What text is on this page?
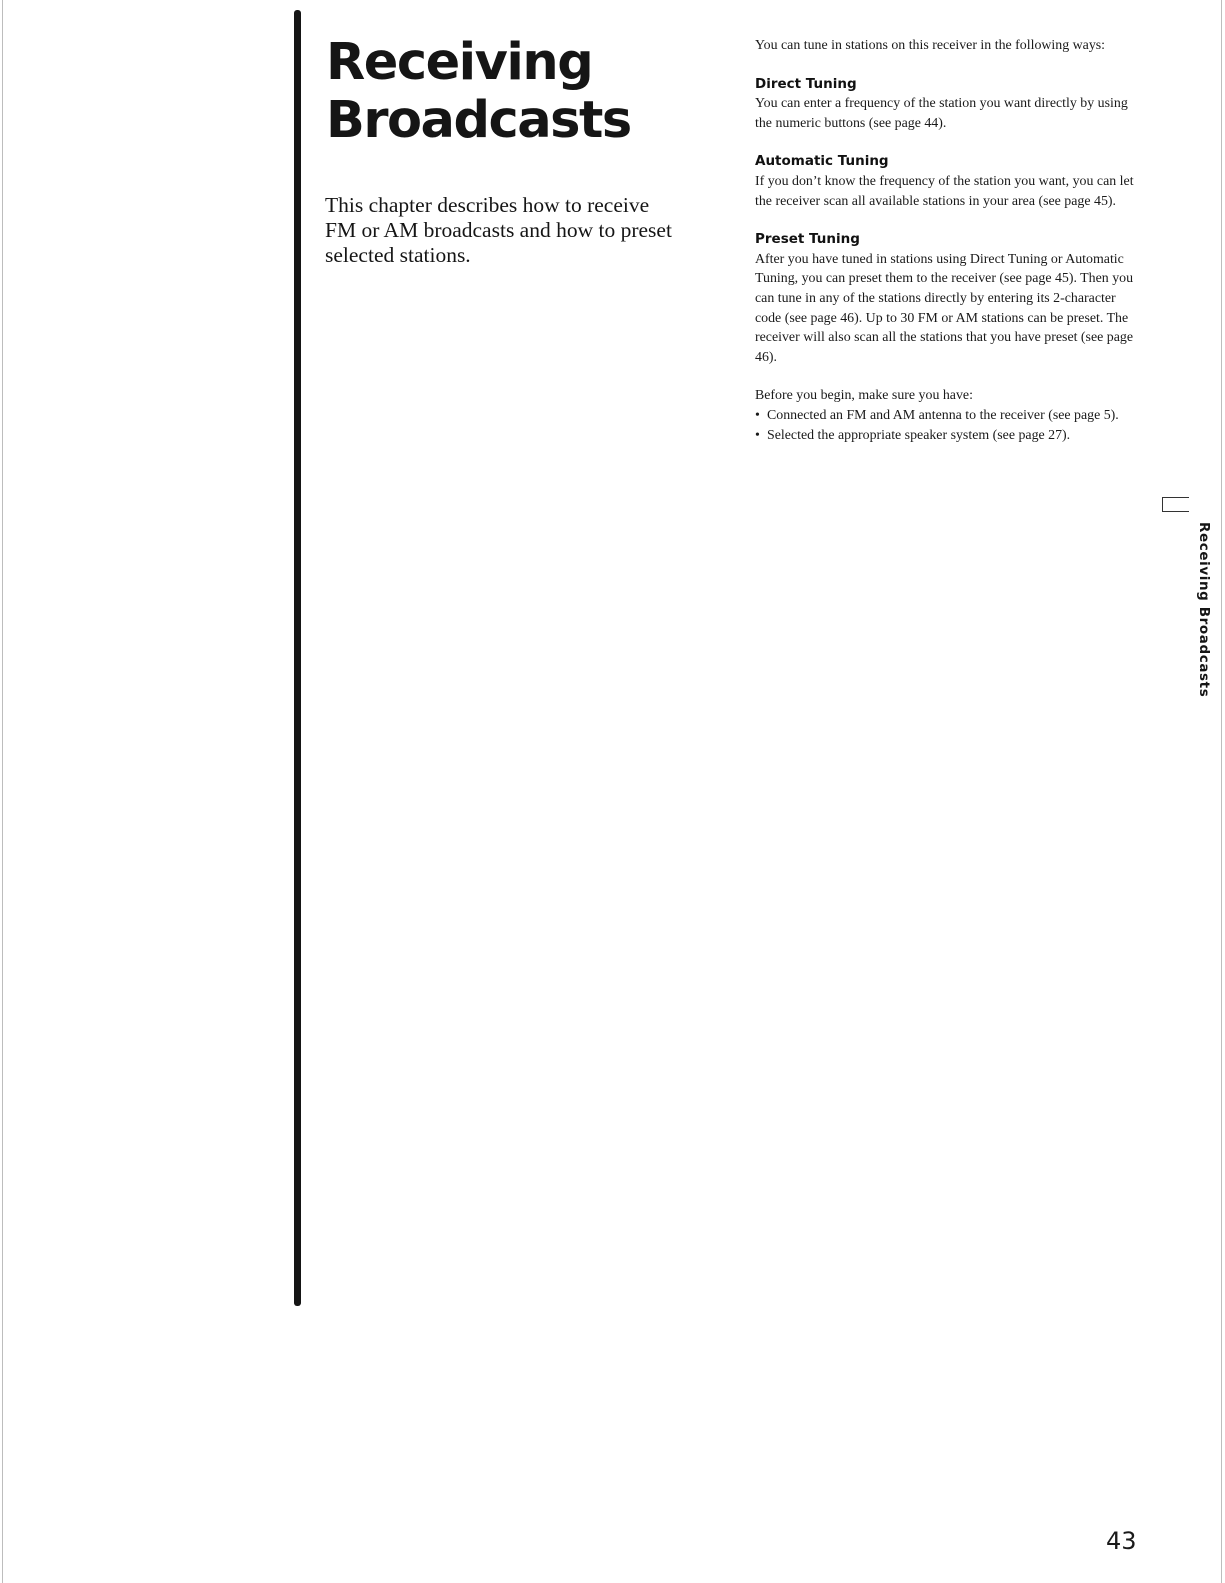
Receiving
Broadcasts

This chapter describes how to receive FM or AM broadcasts and how to preset selected stations.

You can tune in stations on this receiver in the following ways:

Direct Tuning

You can enter a frequency of the station you want directly by using the numeric buttons (see page 44).

Automatic Tuning

If you don’t know the frequency of the station you want, you can let the receiver scan all available stations in your area (see page 45).

Preset Tuning

After you have tuned in stations using Direct Tuning or Automatic Tuning, you can preset them to the receiver (see page 45). Then you can tune in any of the stations directly by entering its 2-character code (see page 46). Up to 30 FM or AM stations can be preset. The receiver will also scan all the stations that you have preset (see page 46).

Before you begin, make sure you have:

• Connected an FM and AM antenna to the receiver (see page 5).
• Selected the appropriate speaker system (see page 27).
Receiving Broadcasts
43
